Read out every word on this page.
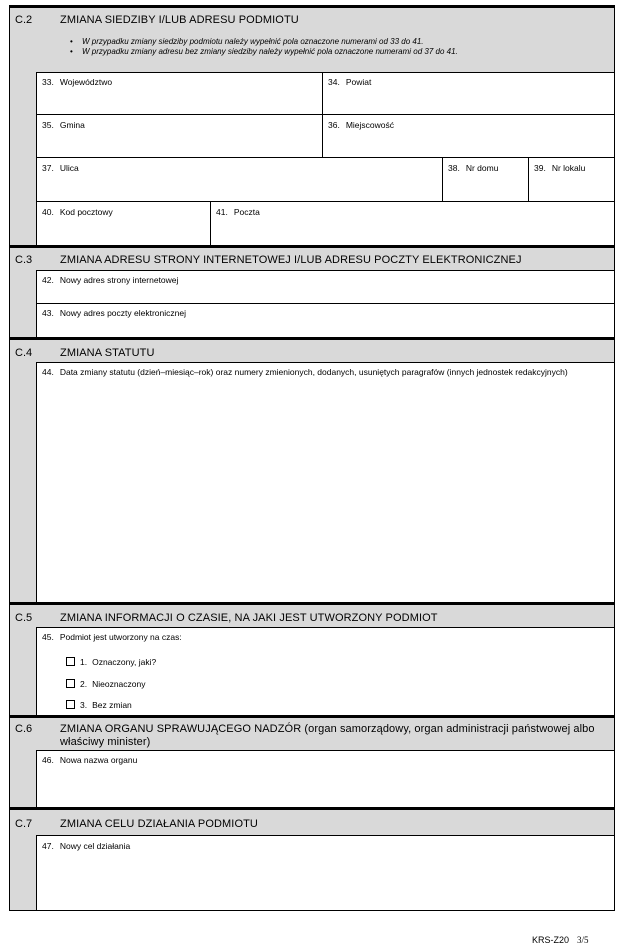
C.2	ZMIANA SIEDZIBY I/LUB ADRESU PODMIOTU
• W przypadku zmiany siedziby podmiotu należy wypełnić pola oznaczone numerami od 33 do 41.
• W przypadku zmiany adresu bez zmiany siedziby należy wypełnić pola oznaczone numerami od 37 do 41.
33. Województwo	34. Powiat
35. Gmina	36. Miejscowość
37. Ulica	38. Nr domu	39. Nr lokalu
40. Kod pocztowy	41. Poczta
C.3	ZMIANA ADRESU STRONY INTERNETOWEJ I/LUB ADRESU POCZTY ELEKTRONICZNEJ
42. Nowy adres strony internetowej
43. Nowy adres poczty elektronicznej
C.4	ZMIANA STATUTU
44. Data zmiany statutu (dzień–miesiąc–rok) oraz numery zmienionych, dodanych, usuniętych paragrafów (innych jednostek redakcyjnych)
C.5	ZMIANA INFORMACJI O CZASIE, NA JAKI JEST UTWORZONY PODMIOT
45. Podmiot jest utworzony na czas:
1. Oznaczony, jaki?
2. Nieoznaczony
3. Bez zmian
C.6	ZMIANA ORGANU SPRAWUJĄCEGO NADZÓR (organ samorządowy, organ administracji państwowej albo
właściwy minister)
46. Nowa nazwa organu
C.7	ZMIANA CELU DZIAŁANIA PODMIOTU
47. Nowy cel działania
KRS-Z20 3/5
